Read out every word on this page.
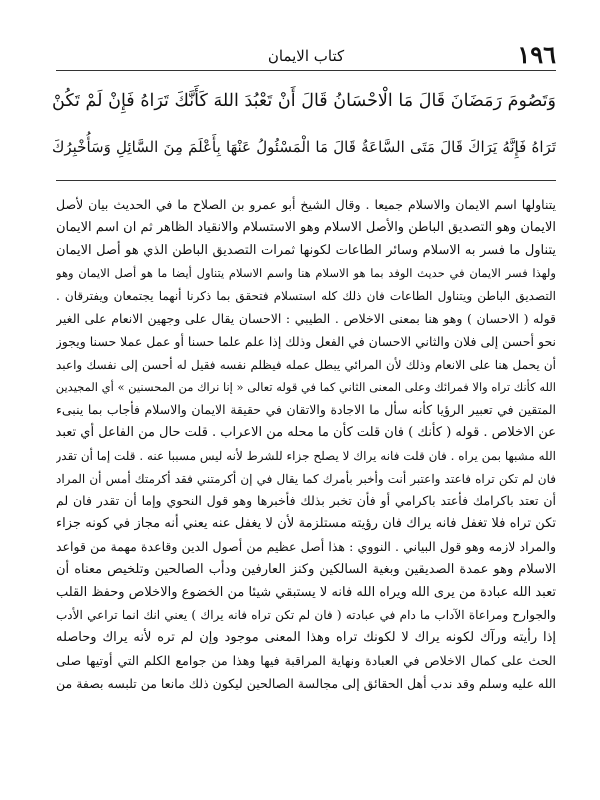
١٩٦
كتاب الايمان
وَتَصُومَ رَمَضَانَ قَالَ مَا الْاحْسَانُ قَالَ أَنْ تَعْبُدَ اللهَ كَأَنَّكَ تَرَاهُ فَإِنْ لَمْ تَكُنْ
تَرَاهُ فَإِنَّهُ يَرَاكَ قَالَ مَتَى السَّاعَةُ قَالَ مَا الْمَسْئُولُ عَنْهَا بِأَعْلَمَ مِنَ السَّائِلِ وَسَأُخْبِرُكَ
يتناولها اسم الايمان والاسلام جميعا . وقال الشيخ أبو عمرو بن الصلاح ما في الحديث بيان لأصل
الايمان وهو التصديق الباطن والأصل الاسلام وهو الاستسلام والانقياد الظاهر ثم ان اسم الايمان
يتناول ما فسر به الاسلام وسائر الطاعات لكونها ثمرات التصديق الباطن الذي هو أصل الايمان
ولهذا فسر الايمان في حديث الوفد بما هو الاسلام هنا واسم الاسلام يتناول أيضا ما هو أصل الايمان وهو
التصديق الباطن ويتناول الطاعات فان ذلك كله استسلام فتحقق بما ذكرنا أنهما يجتمعان ويفترقان .
قوله ( الاحسان ) وهو هنا بمعنى الاخلاص . الطيبي : الاحسان يقال على وجهين الانعام على الغير
نحو أحسن إلى فلان والثاني الاحسان في الفعل وذلك إذا علم علما حسنا أو عمل عملا حسنا ويجوز
أن يحمل هنا على الانعام وذلك لأن المرائي يبطل عمله فيظلم نفسه فقيل له أحسن إلى نفسك واعبد
الله كأنك تراه والا فمرائك وعلى المعنى الثاني كما في قوله تعالى « إنا نراك من المحسنين » أي المجيدين
المتقين في تعبير الرؤيا كأنه سأل ما الاجادة والاتقان في حقيقة الايمان والاسلام فأجاب بما ينبىء
عن الاخلاص . قوله ( كأنك ) فان قلت كأن ما محله من الاعراب . قلت حال من الفاعل أي تعبد
الله مشبها بمن يراه . فان قلت فانه يراك لا يصلح جزاء للشرط لأنه ليس مسببا عنه . قلت إما أن تقدر
فان لم تكن تراه فاعتد واعتبر أنت وأخبر بأمرك كما يقال في إن أكرمتني فقد أكرمتك أمس أن المراد
أن تعتد باكرامك فأعتد باكرامي أو فأن تخبر بذلك فأخبرها وهو قول النحوي وإما أن تقدر فان لم
تكن تراه فلا تغفل فانه يراك فان رؤيته مستلزمة لأن لا يغفل عنه يعني أنه مجاز في كونه جزاء
والمراد لازمه وهو قول البياني . النووي : هذا أصل عظيم من أصول الدين وقاعدة مهمة من قواعد
الاسلام وهو عمدة الصديقين وبغية السالكين وكنز العارفين ودأب الصالحين وتلخيص معناه أن
تعبد الله عبادة من يرى الله ويراه الله فانه لا يستبقي شيئا من الخضوع والاخلاص وحفظ القلب
والجوارح ومراعاة الآداب ما دام في عبادته ( فان لم تكن تراه فانه يراك ) يعني انك انما تراعي الأدب
إذا رأيته ورآك لكونه يراك لا لكونك تراه وهذا المعنى موجود وإن لم تره لأنه يراك وحاصله
الحث على كمال الاخلاص في العبادة ونهاية المراقبة فيها وهذا من جوامع الكلم التي أوتيها صلى
الله عليه وسلم وقد ندب أهل الحقائق إلى مجالسة الصالحين ليكون ذلك مانعا من تلبسه بصفة من
